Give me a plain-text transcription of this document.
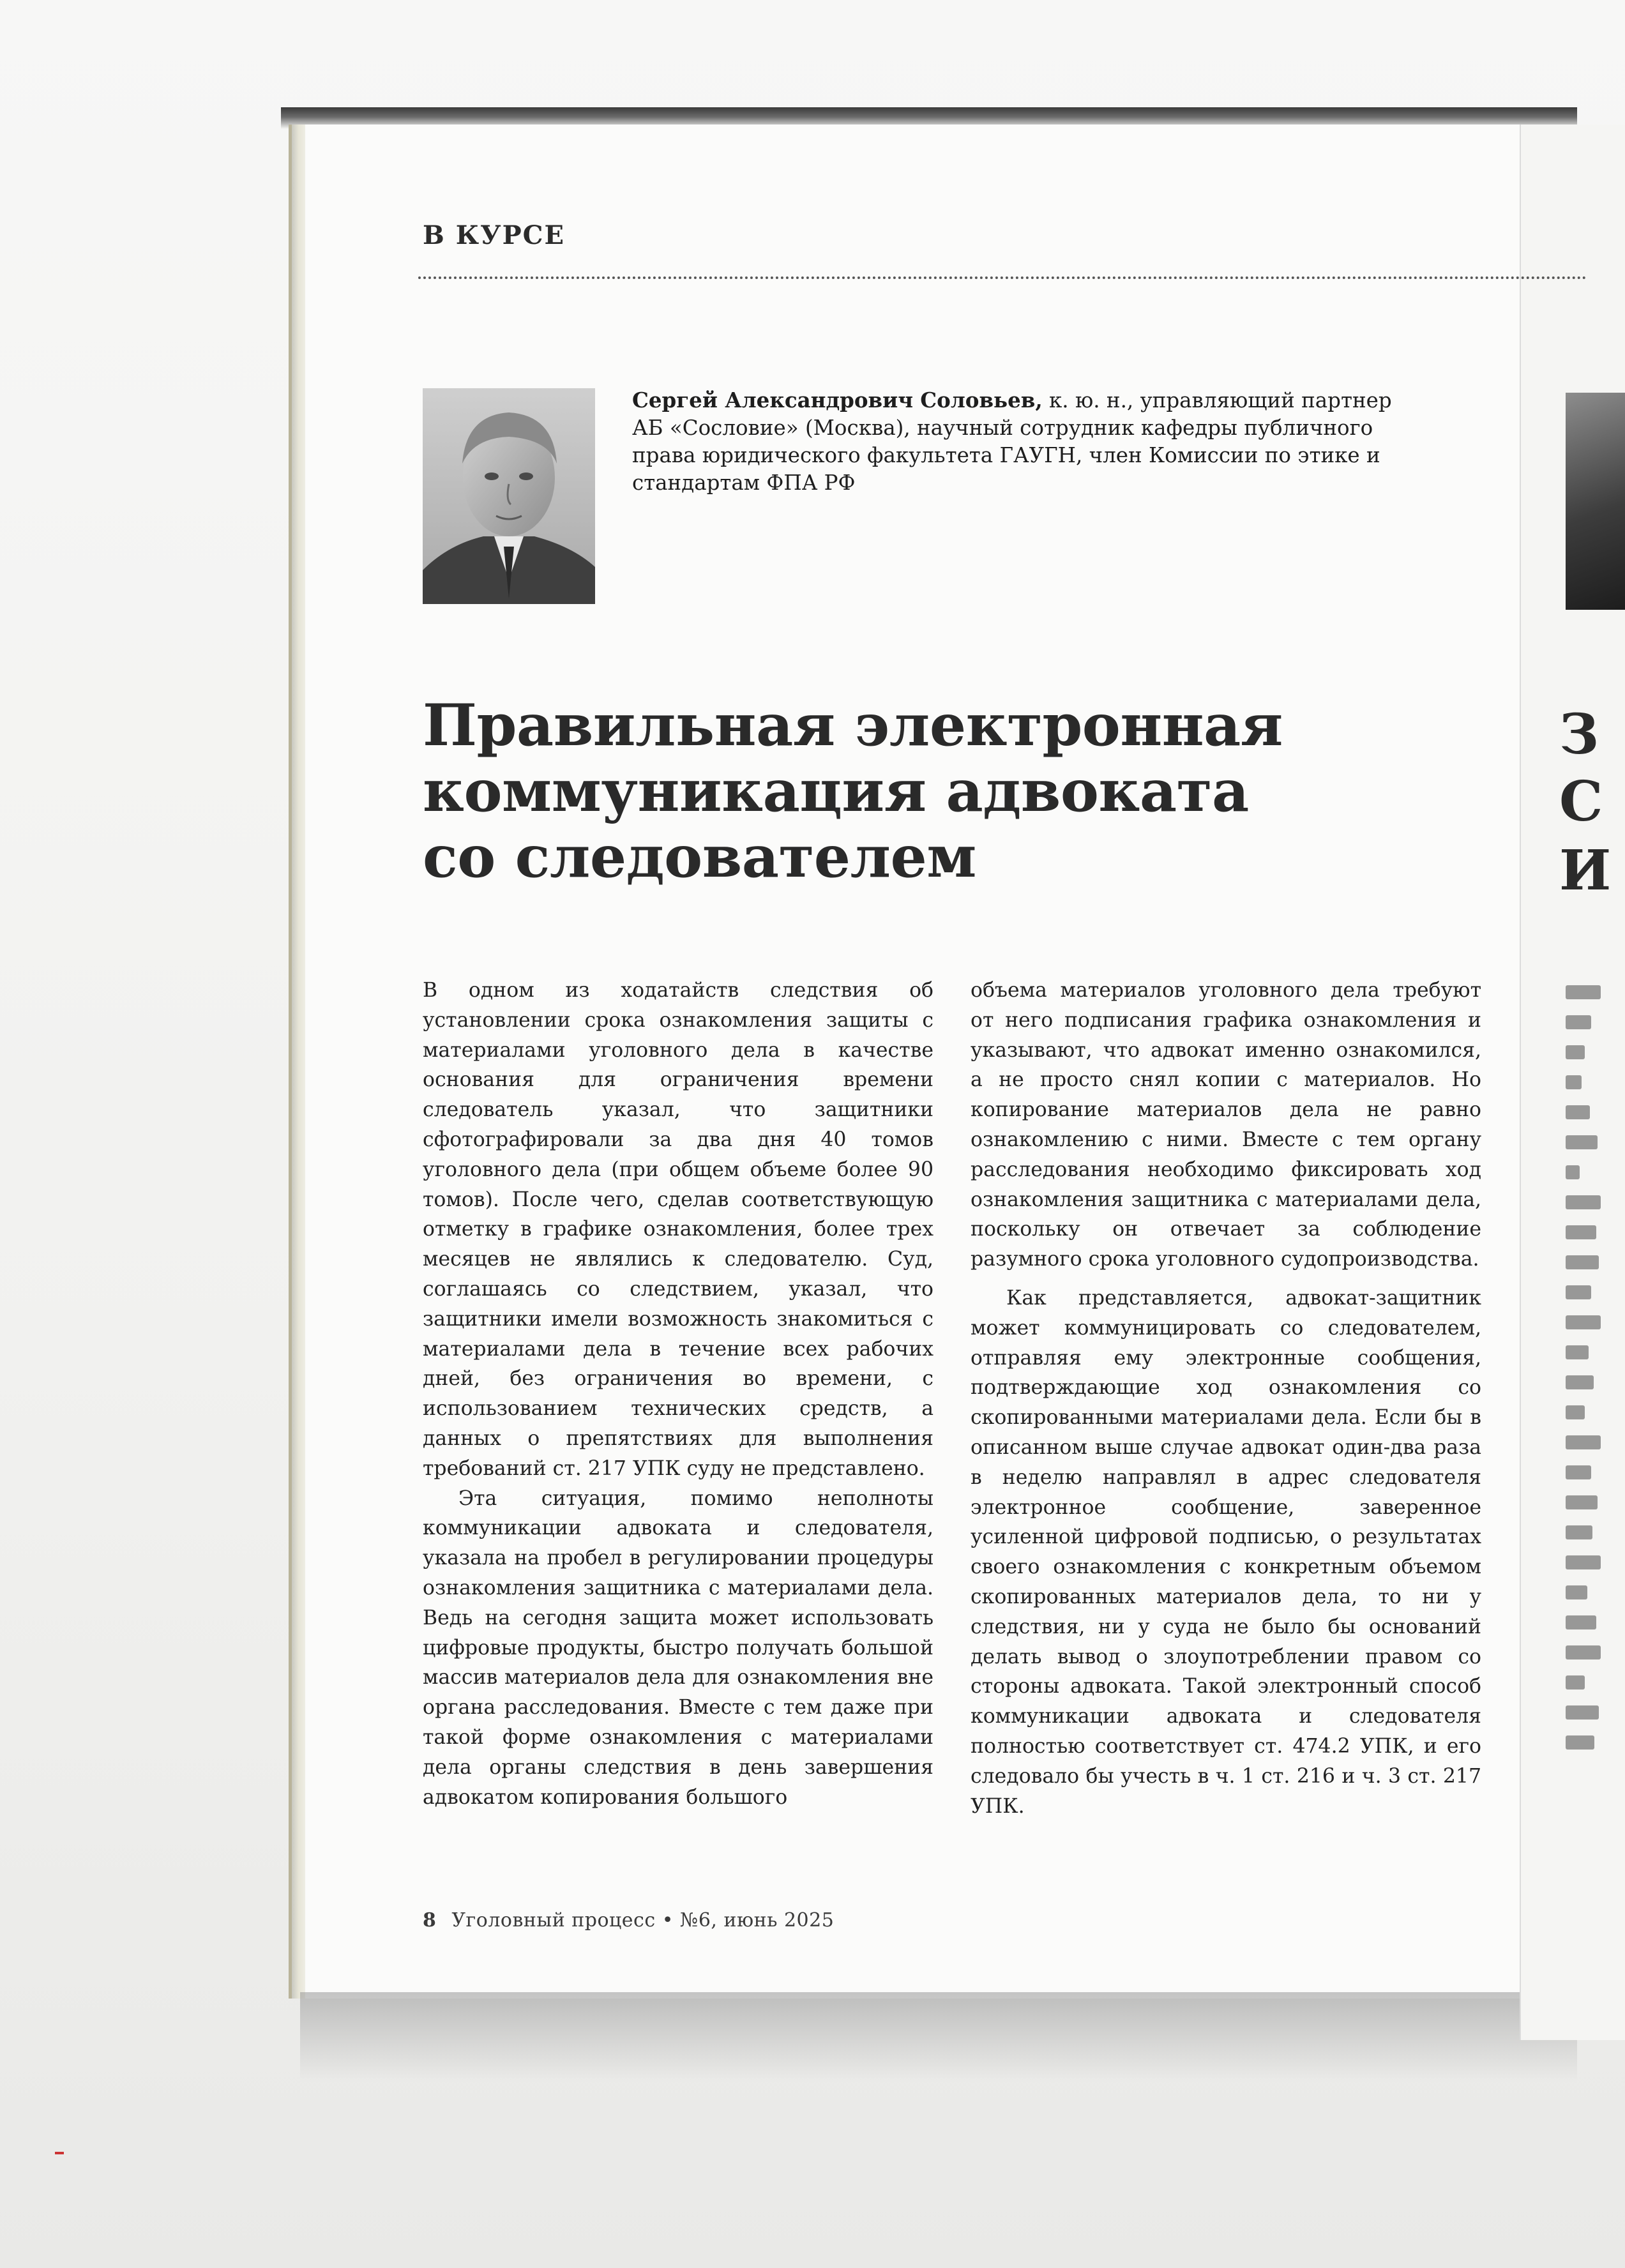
З
С
И
В КУРСЕ
Сергей Александрович Соловьев, к. ю. н., управляющий партнер АБ «Сословие» (Москва), научный сотрудник кафедры публичного права юридического факультета ГАУГН, член Комиссии по этике и стандартам ФПА РФ
Правильная электронная
коммуникация адвоката
со следователем

В одном из ходатайств следствия об установлении срока ознакомления защиты с материалами уголовного дела в качестве основания для ограничения времени следователь указал, что защитники сфотографировали за два дня 40 томов уголовного дела (при общем объеме более 90 томов). После чего, сделав соответствующую отметку в графике ознакомления, более трех месяцев не являлись к следователю. Суд, соглашаясь со следствием, указал, что защитники имели возможность знакомиться с материалами дела в течение всех рабочих дней, без ограничения во времени, с использованием технических средств, а данных о препятствиях для выполнения требований ст. 217 УПК суду не представлено.

Эта ситуация, помимо неполноты коммуникации адвоката и следователя, указала на пробел в регулировании процедуры ознакомления защитника с материалами дела. Ведь на сегодня защита может использовать цифровые продукты, быстро получать большой массив материалов дела для ознакомления вне органа расследования. Вместе с тем даже при такой форме ознакомления с материалами дела органы следствия в день завершения адвокатом копирования большого

объема материалов уголовного дела требуют от него подписания графика ознакомления и указывают, что адвокат именно ознакомился, а не просто снял копии с материалов. Но копирование материалов дела не равно ознакомлению с ними. Вместе с тем органу расследования необходимо фиксировать ход ознакомления защитника с материалами дела, поскольку он отвечает за соблюдение разумного срока уголовного судопроизводства.

Как представляется, адвокат-защитник может коммуницировать со следователем, отправляя ему электронные сообщения, подтверждающие ход ознакомления со скопированными материалами дела. Если бы в описанном выше случае адвокат один-два раза в неделю направлял в адрес следователя электронное сообщение, заверенное усиленной цифровой подписью, о результатах своего ознакомления с конкретным объемом скопированных материалов дела, то ни у следствия, ни у суда не было бы оснований делать вывод о злоупотреблении правом со стороны адвоката. Такой электронный способ коммуникации адвоката и следователя полностью соответствует ст. 474.2 УПК, и его следовало бы учесть в ч. 1 ст. 216 и ч. 3 ст. 217 УПК.

8 Уголовный процесс • №6, июнь 2025
